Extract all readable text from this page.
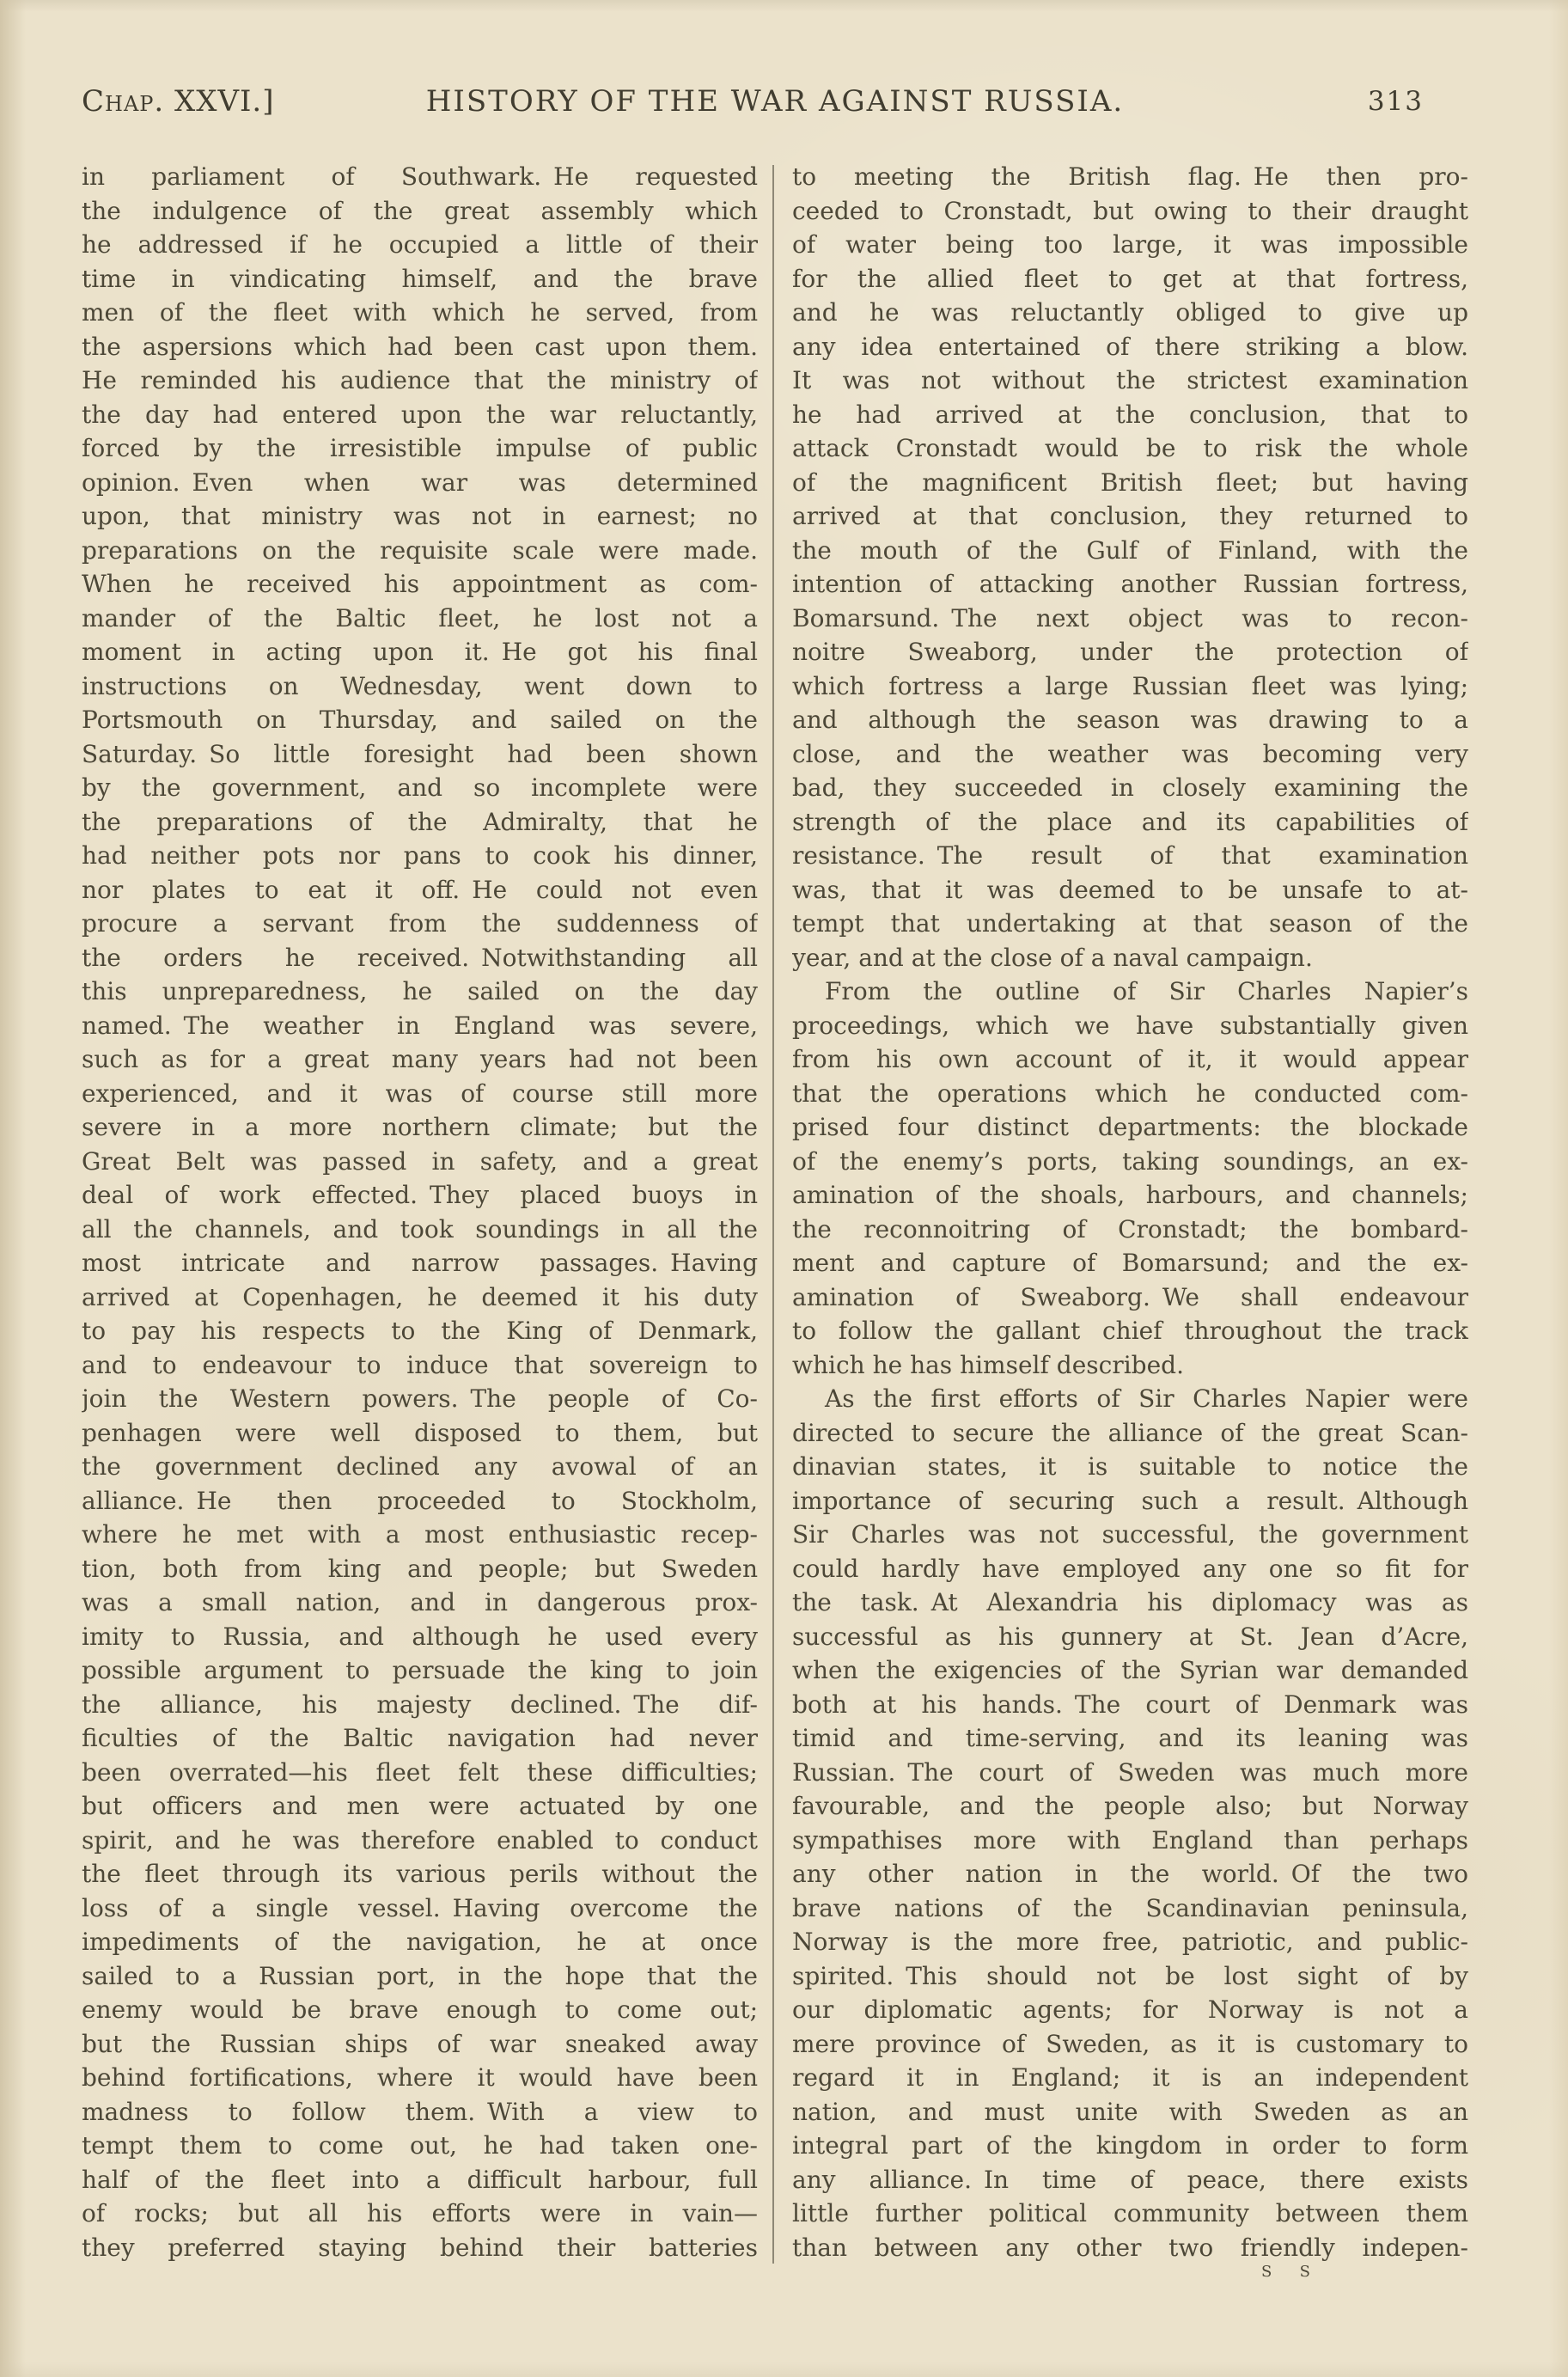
Chap. XXVI.]	HISTORY OF THE WAR AGAINST RUSSIA.	313
in parliament of Southwark. He requested
the indulgence of the great assembly which
he addressed if he occupied a little of their
time in vindicating himself, and the brave
men of the fleet with which he served, from
the aspersions which had been cast upon them.
He reminded his audience that the ministry of
the day had entered upon the war reluctantly,
forced by the irresistible impulse of public
opinion. Even when war was determined
upon, that ministry was not in earnest; no
preparations on the requisite scale were made.
When he received his appointment as com-
mander of the Baltic fleet, he lost not a
moment in acting upon it. He got his final
instructions on Wednesday, went down to
Portsmouth on Thursday, and sailed on the
Saturday. So little foresight had been shown
by the government, and so incomplete were
the preparations of the Admiralty, that he
had neither pots nor pans to cook his dinner,
nor plates to eat it off. He could not even
procure a servant from the suddenness of
the orders he received. Notwithstanding all
this unpreparedness, he sailed on the day
named. The weather in England was severe,
such as for a great many years had not been
experienced, and it was of course still more
severe in a more northern climate; but the
Great Belt was passed in safety, and a great
deal of work effected. They placed buoys in
all the channels, and took soundings in all the
most intricate and narrow passages. Having
arrived at Copenhagen, he deemed it his duty
to pay his respects to the King of Denmark,
and to endeavour to induce that sovereign to
join the Western powers. The people of Co-
penhagen were well disposed to them, but
the government declined any avowal of an
alliance. He then proceeded to Stockholm,
where he met with a most enthusiastic recep-
tion, both from king and people; but Sweden
was a small nation, and in dangerous prox-
imity to Russia, and although he used every
possible argument to persuade the king to join
the alliance, his majesty declined. The dif-
ficulties of the Baltic navigation had never
been overrated—his fleet felt these difficulties;
but officers and men were actuated by one
spirit, and he was therefore enabled to conduct
the fleet through its various perils without the
loss of a single vessel. Having overcome the
impediments of the navigation, he at once
sailed to a Russian port, in the hope that the
enemy would be brave enough to come out;
but the Russian ships of war sneaked away
behind fortifications, where it would have been
madness to follow them. With a view to
tempt them to come out, he had taken one-
half of the fleet into a difficult harbour, full
of rocks; but all his efforts were in vain—
they preferred staying behind their batteries
to meeting the British flag. He then pro-
ceeded to Cronstadt, but owing to their draught
of water being too large, it was impossible
for the allied fleet to get at that fortress,
and he was reluctantly obliged to give up
any idea entertained of there striking a blow.
It was not without the strictest examination
he had arrived at the conclusion, that to
attack Cronstadt would be to risk the whole
of the magnificent British fleet; but having
arrived at that conclusion, they returned to
the mouth of the Gulf of Finland, with the
intention of attacking another Russian fortress,
Bomarsund. The next object was to recon-
noitre Sweaborg, under the protection of
which fortress a large Russian fleet was lying;
and although the season was drawing to a
close, and the weather was becoming very
bad, they succeeded in closely examining the
strength of the place and its capabilities of
resistance. The result of that examination
was, that it was deemed to be unsafe to at-
tempt that undertaking at that season of the
year, and at the close of a naval campaign.
From the outline of Sir Charles Napier’s
proceedings, which we have substantially given
from his own account of it, it would appear
that the operations which he conducted com-
prised four distinct departments: the blockade
of the enemy’s ports, taking soundings, an ex-
amination of the shoals, harbours, and channels;
the reconnoitring of Cronstadt; the bombard-
ment and capture of Bomarsund; and the ex-
amination of Sweaborg. We shall endeavour
to follow the gallant chief throughout the track
which he has himself described.
As the first efforts of Sir Charles Napier were
directed to secure the alliance of the great Scan-
dinavian states, it is suitable to notice the
importance of securing such a result. Although
Sir Charles was not successful, the government
could hardly have employed any one so fit for
the task. At Alexandria his diplomacy was as
successful as his gunnery at St. Jean d’Acre,
when the exigencies of the Syrian war demanded
both at his hands. The court of Denmark was
timid and time-serving, and its leaning was
Russian. The court of Sweden was much more
favourable, and the people also; but Norway
sympathises more with England than perhaps
any other nation in the world. Of the two
brave nations of the Scandinavian peninsula,
Norway is the more free, patriotic, and public-
spirited. This should not be lost sight of by
our diplomatic agents; for Norway is not a
mere province of Sweden, as it is customary to
regard it in England; it is an independent
nation, and must unite with Sweden as an
integral part of the kingdom in order to form
any alliance. In time of peace, there exists
little further political community between them
than between any other two friendly indepen-
s s
